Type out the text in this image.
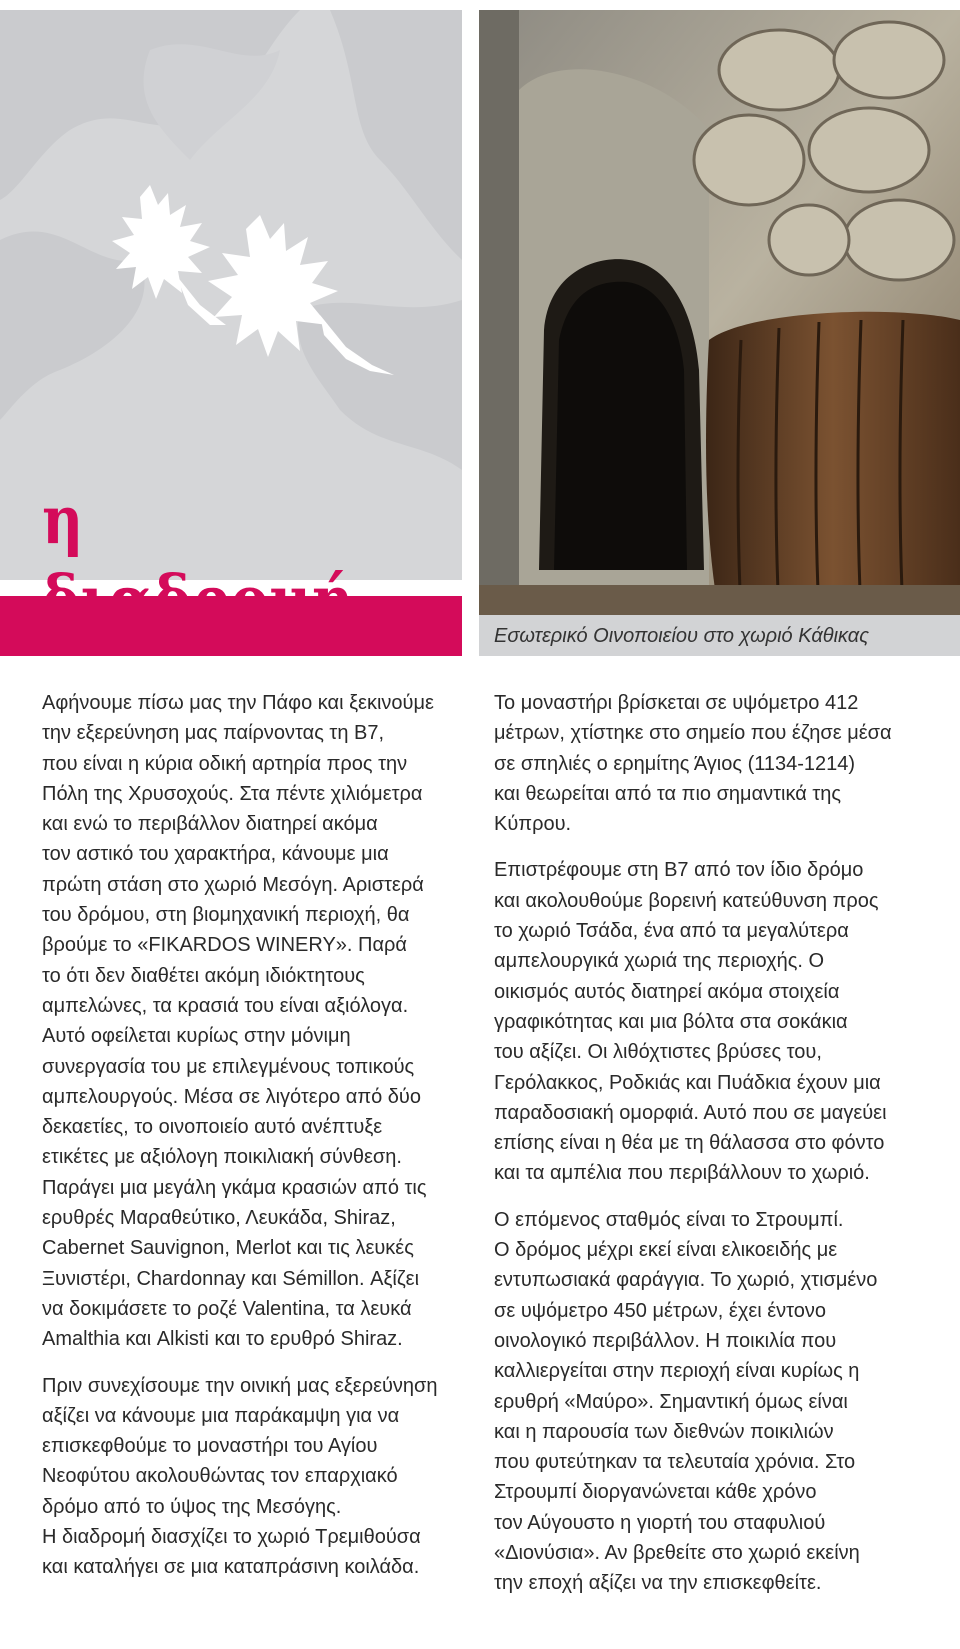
η

Εσωτερικό Οινοποιείου στο χωριό Κάθικας

Αφήνουμε πίσω μας την Πάφο και ξεκινούμε
την εξερεύνηση μας παίρνοντας τη Β7,
που είναι η κύρια οδική αρτηρία προς την
Πόλη της Χρυσοχούς. Στα πέντε χιλιόμετρα
και ενώ το περιβάλλον διατηρεί ακόμα
τον αστικό του χαρακτήρα, κάνουμε μια
πρώτη στάση στο χωριό Μεσόγη. Αριστερά
του δρόμου, στη βιομηχανική περιοχή, θα
βρούμε το «FIKARDOS WINERY». Παρά
το ότι δεν διαθέτει ακόμη ιδιόκτητους
αμπελώνες, τα κρασιά του είναι αξιόλογα.
Αυτό οφείλεται κυρίως στην μόνιμη
συνεργασία του με επιλεγμένους τοπικούς
αμπελουργούς. Μέσα σε λιγότερο από δύο
δεκαετίες, το οινοποιείο αυτό ανέπτυξε
ετικέτες με αξιόλογη ποικιλιακή σύνθεση.
Παράγει μια μεγάλη γκάμα κρασιών από τις
ερυθρές Μαραθεύτικο, Λευκάδα, Shiraz,
Cabernet Sauvignon, Merlot και τις λευκές
Ξυνιστέρι, Chardonnay και Sémillon. Αξίζει
να δοκιμάσετε το ροζέ Valentina, τα λευκά
Amalthia και Alkisti και το ερυθρό Shiraz.

Πριν συνεχίσουμε την οινική μας εξερεύνηση
αξίζει να κάνουμε μια παράκαμψη για να
επισκεφθούμε το μοναστήρι του Αγίου
Νεοφύτου ακολουθώντας τον επαρχιακό
δρόμο από το ύψος της Μεσόγης.
Η διαδρομή διασχίζει το χωριό Τρεμιθούσα
και καταλήγει σε μια καταπράσινη κοιλάδα.

Το μοναστήρι βρίσκεται σε υψόμετρο 412
μέτρων, χτίστηκε στο σημείο που έζησε μέσα
σε σπηλιές ο ερημίτης Άγιος (1134-1214)
και θεωρείται από τα πιο σημαντικά της
Κύπρου.

Επιστρέφουμε στη Β7 από τον ίδιο δρόμο
και ακολουθούμε βορεινή κατεύθυνση προς
το χωριό Τσάδα, ένα από τα μεγαλύτερα
αμπελουργικά χωριά της περιοχής. Ο
οικισμός αυτός διατηρεί ακόμα στοιχεία
γραφικότητας και μια βόλτα στα σοκάκια
του αξίζει. Οι λιθόχτιστες βρύσες του,
Γερόλακκος, Ροδκιάς και Πυάδκια έχουν μια
παραδοσιακή ομορφιά. Αυτό που σε μαγεύει
επίσης είναι η θέα με τη θάλασσα στο φόντο
και τα αμπέλια που περιβάλλουν το χωριό.

Ο επόμενος σταθμός είναι το Στρουμπί.
Ο δρόμος μέχρι εκεί είναι ελικοειδής με
εντυπωσιακά φαράγγια. Το χωριό, χτισμένο
σε υψόμετρο 450 μέτρων, έχει έντονο
οινολογικό περιβάλλον. Η ποικιλία που
καλλιεργείται στην περιοχή είναι κυρίως η
ερυθρή «Μαύρο». Σημαντική όμως είναι
και η παρουσία των διεθνών ποικιλιών
που φυτεύτηκαν τα τελευταία χρόνια. Στο
Στρουμπί διοργανώνεται κάθε χρόνο
τον Αύγουστο η γιορτή του σταφυλιού
«Διονύσια». Αν βρεθείτε στο χωριό εκείνη
την εποχή αξίζει να την επισκεφθείτε.
